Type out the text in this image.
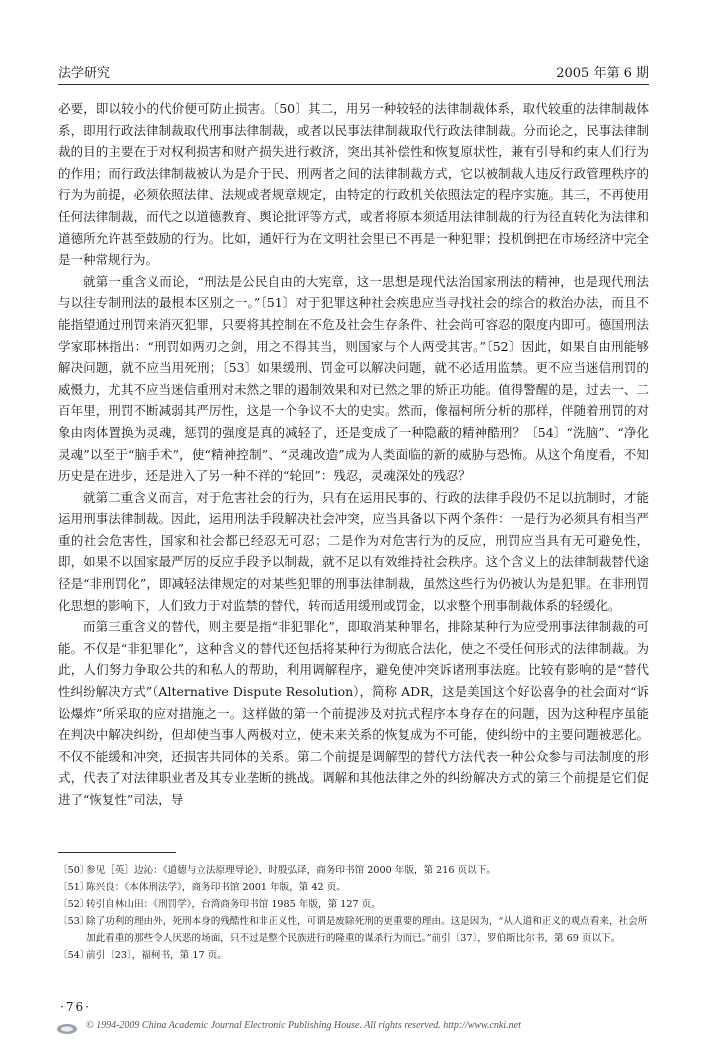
法学研究	2005 年第 6 期

必要，即以较小的代价便可防止损害。〔50〕其二，用另一种较轻的法律制裁体系，取代较重的法律制裁体系，即用行政法律制裁取代刑事法律制裁，或者以民事法律制裁取代行政法律制裁。分而论之，民事法律制裁的目的主要在于对权利损害和财产损失进行救济，突出其补偿性和恢复原状性，兼有引导和约束人们行为的作用；而行政法律制裁被认为是介于民、刑两者之间的法律制裁方式，它以被制裁人违反行政管理秩序的行为为前提，必须依照法律、法规或者规章规定，由特定的行政机关依照法定的程序实施。其三，不再使用任何法律制裁，而代之以道德教育、舆论批评等方式，或者将原本须适用法律制裁的行为径直转化为法律和道德所允许甚至鼓励的行为。比如，通奸行为在文明社会里已不再是一种犯罪；投机倒把在市场经济中完全是一种常规行为。

就第一重含义而论，“刑法是公民自由的大宪章，这一思想是现代法治国家刑法的精神，也是现代刑法与以往专制刑法的最根本区别之一。”〔51〕对于犯罪这种社会疾患应当寻找社会的综合的救治办法，而且不能指望通过刑罚来消灭犯罪，只要将其控制在不危及社会生存条件、社会尚可容忍的限度内即可。德国刑法学家耶林指出：“刑罚如两刃之剑，用之不得其当，则国家与个人两受其害。”〔52〕因此，如果自由刑能够解决问题，就不应当用死刑；〔53〕如果缓刑、罚金可以解决问题，就不必适用监禁。更不应当迷信刑罚的威慑力，尤其不应当迷信重刑对未然之罪的遏制效果和对已然之罪的矫正功能。值得警醒的是，过去一、二百年里，刑罚不断减弱其严厉性，这是一个争议不大的史实。然而，像福柯所分析的那样，伴随着刑罚的对象由肉体置换为灵魂，惩罚的强度是真的减轻了，还是变成了一种隐蔽的精神酷刑？〔54〕“洗脑”、“净化灵魂”以至于“脑手术”，使“精神控制”、“灵魂改造”成为人类面临的新的威胁与恐怖。从这个角度看，不知历史是在进步，还是进入了另一种不祥的“轮回”：残忍，灵魂深处的残忍？

就第二重含义而言，对于危害社会的行为，只有在运用民事的、行政的法律手段仍不足以抗制时，才能运用刑事法律制裁。因此，运用刑法手段解决社会冲突，应当具备以下两个条件：一是行为必须具有相当严重的社会危害性，国家和社会都已经忍无可忍；二是作为对危害行为的反应，刑罚应当具有无可避免性，即，如果不以国家最严厉的反应手段予以制裁，就不足以有效维持社会秩序。这个含义上的法律制裁替代途径是“非刑罚化”，即减轻法律规定的对某些犯罪的刑事法律制裁，虽然这些行为仍被认为是犯罪。在非刑罚化思想的影响下，人们致力于对监禁的替代，转而适用缓刑或罚金，以求整个刑事制裁体系的轻缓化。

而第三重含义的替代，则主要是指“非犯罪化”，即取消某种罪名，排除某种行为应受刑事法律制裁的可能。不仅是“非犯罪化”，这种含义的替代还包括将某种行为彻底合法化，使之不受任何形式的法律制裁。为此，人们努力争取公共的和私人的帮助，利用调解程序，避免使冲突诉诸刑事法庭。比较有影响的是“替代性纠纷解决方式”（Alternative Dispute Resolution），简称 ADR，这是美国这个好讼喜争的社会面对“诉讼爆炸”所采取的应对措施之一。这样做的第一个前提涉及对抗式程序本身存在的问题，因为这种程序虽能在判决中解决纠纷，但却使当事人两极对立，使未来关系的恢复成为不可能，使纠纷中的主要问题被恶化。不仅不能缓和冲突，还损害共同体的关系。第二个前提是调解型的替代方法代表一种公众参与司法制度的形式，代表了对法律职业者及其专业垄断的挑战。调解和其他法律之外的纠纷解决方式的第三个前提是它们促进了“恢复性”司法，导

〔50〕
参见［英］边沁：《道德与立法原理导论》，时殷弘译，商务印书馆 2000 年版，第 216 页以下。
〔51〕
陈兴良：《本体刑法学》，商务印书馆 2001 年版，第 42 页。
〔52〕
转引自林山田：《刑罚学》，台湾商务印书馆 1985 年版，第 127 页。
〔53〕
除了功利的理由外，死刑本身的残酷性和非正义性，可谓是废除死刑的更重要的理由。这是因为，“从人道和正义的观点看来，社会所加此看重的那些令人厌恶的场面，只不过是整个民族进行的隆重的谋杀行为而已。”前引〔37〕，罗伯斯比尔书，第 69 页以下。
〔54〕
前引〔23〕，福柯书，第 17 页。
·76·
© 1994-2009 China Academic Journal Electronic Publishing House. All rights reserved. http://www.cnki.net
